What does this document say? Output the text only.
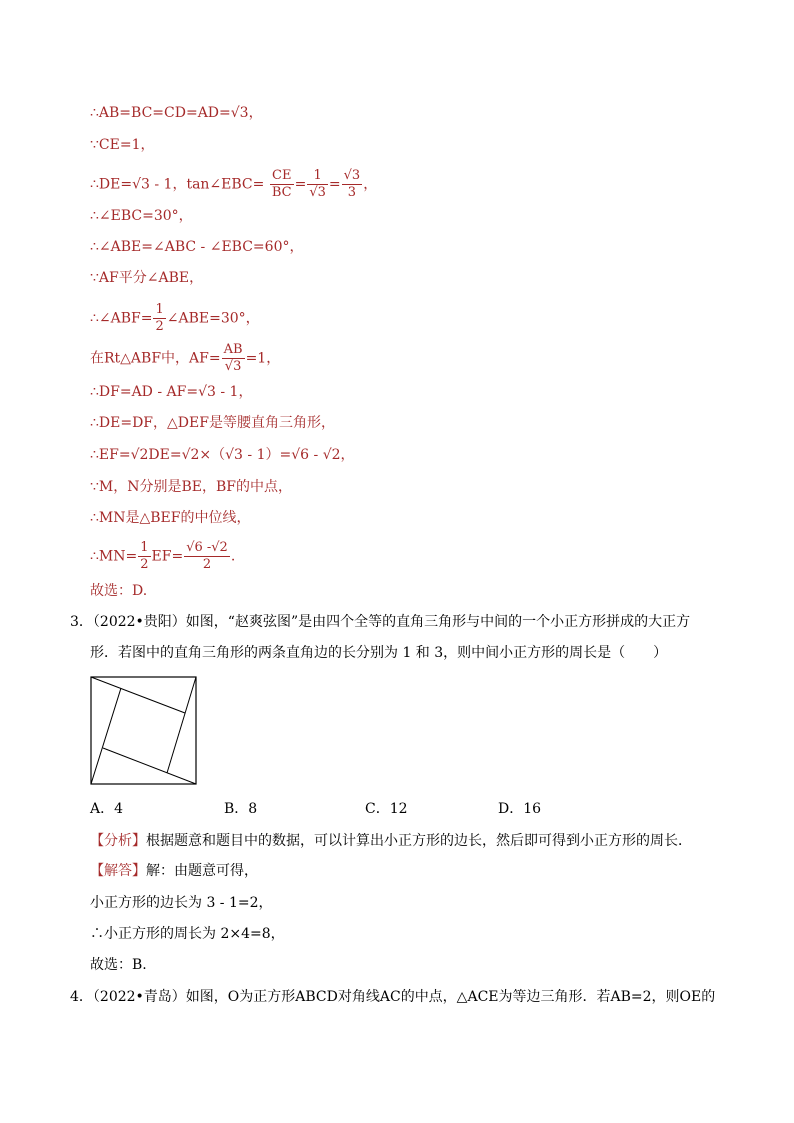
∴AB=BC=CD=AD=√3，
∵CE=1，
∴DE=√3 - 1，tan∠EBC= $\frac{CE}{BC} = \frac{1}{√3} = \frac{√3}{3}$ ，
∴∠EBC=30°，
∴∠ABE=∠ABC - ∠EBC=60°，
∵AF平分∠ABE，
∴∠ABF= $\frac{1}{2}$ ∠ABE=30°，
在Rt△ABF中，$AF= \frac{AB}{√3} =1$，
∴DF=AD - AF=√3 - 1，
∴DE=DF，△DEF是等腰直角三角形，
∴EF=√2DE=√2×（√3 - 1）=√6 - √2，
∵M，N分别是BE，BF的中点，
∴MN是△BEF的中位线，
∴MN= $\frac{1}{2} EF= \frac{√6 -√2}{2}$ .
故选：D.
3．（2022•贵阳）如图，“赵爽弦图”是由四个全等的直角三角形与中间的一个小正方形拼成的大正方
形．若图中的直角三角形的两条直角边的长分别为 1 和 3，则中间小正方形的周长是（　　）
A．4	B．8	C．12	D．16
【分析】根据题意和题目中的数据，可以计算出小正方形的边长，然后即可得到小正方形的周长．
【解答】解：由题意可得，
小正方形的边长为 3 - 1=2，
∴小正方形的周长为 2×4=8，
故选：B.
4．（2022•青岛）如图，O为正方形ABCD对角线AC的中点，△ACE为等边三角形．若AB=2，则OE的
